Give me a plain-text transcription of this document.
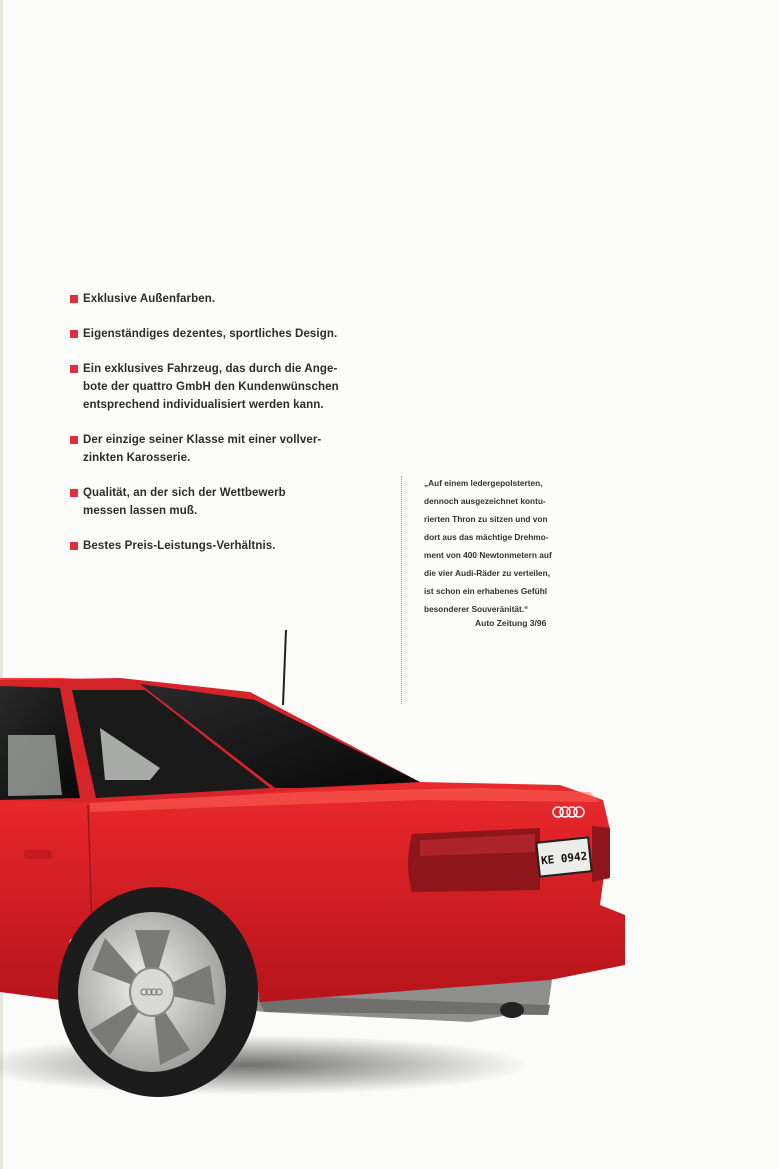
Exklusive Außenfarben.
Eigenständiges dezentes, sportliches Design.
Ein exklusives Fahrzeug, das durch die Ange-
bote der quattro GmbH den Kundenwünschen
entsprechend individualisiert werden kann.
Der einzige seiner Klasse mit einer vollver-
zinkten Karosserie.
Qualität, an der sich der Wettbewerb
messen lassen muß.
Bestes Preis-Leistungs-Verhältnis.

„Auf einem ledergepolsterten,

dennoch ausgezeichnet kontu-

rierten Thron zu sitzen und von

dort aus das mächtige Drehmo-

ment von 400 Newtonmetern auf

die vier Audi-Räder zu verteilen,

ist schon ein erhabenes Gefühl

besonderer Souveränität.“

Auto Zeitung 3/96
KE 0942
